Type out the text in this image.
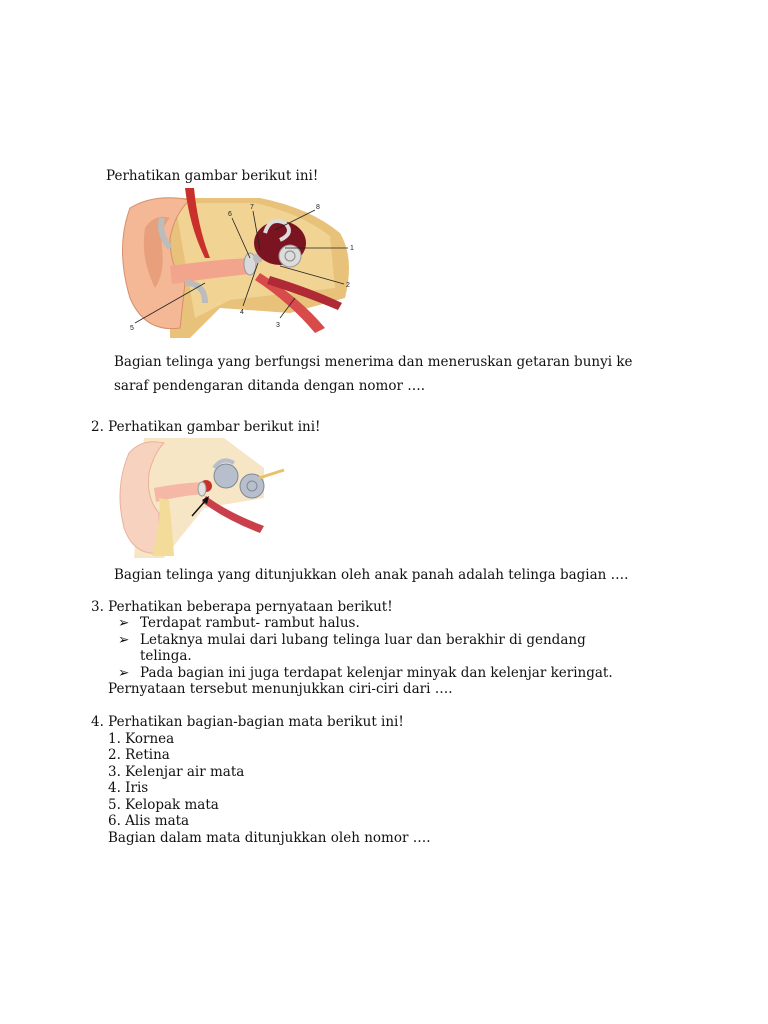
Perhatikan gambar berikut ini!
1
2
3
4
5
6
7	8
Bagian telinga yang berfungsi menerima dan meneruskan getaran bunyi ke
saraf pendengaran ditanda dengan nomor ….
2. Perhatikan gambar berikut ini!
Bagian telinga yang ditunjukkan oleh anak panah adalah telinga bagian ….
3. Perhatikan beberapa pernyataan berikut!
➢ Terdapat rambut- rambut halus.
➢ Letaknya mulai dari lubang telinga luar dan berakhir di gendang
telinga.
➢ Pada bagian ini juga terdapat kelenjar minyak dan kelenjar keringat.
Pernyataan tersebut menunjukkan ciri-ciri dari ….
4. Perhatikan bagian-bagian mata berikut ini!
1. Kornea
2. Retina
3. Kelenjar air mata
4. Iris
5. Kelopak mata
6. Alis mata
Bagian dalam mata ditunjukkan oleh nomor ….
